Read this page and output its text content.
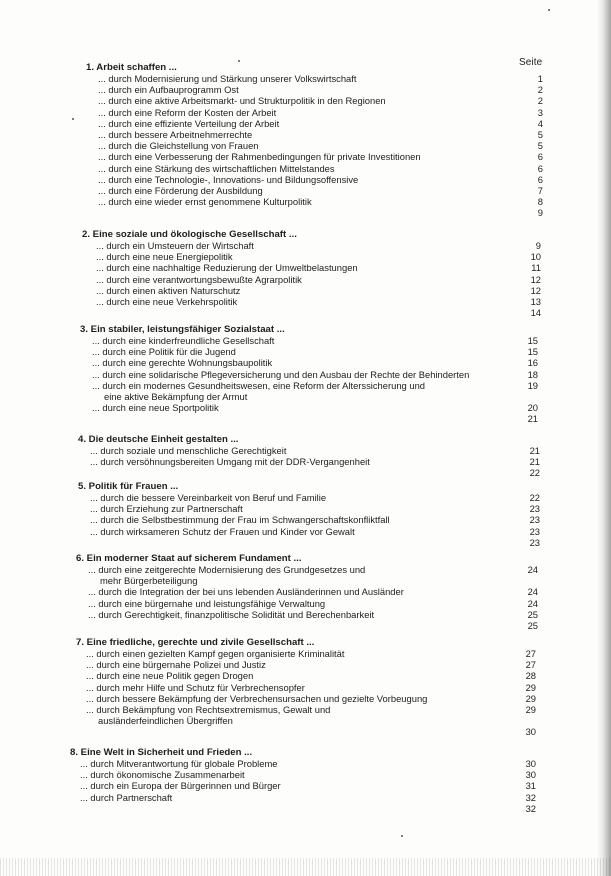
Seite
1. Arbeit schaffen ...
... durch Modernisierung und Stärkung unserer Volkswirtschaft	1
... durch ein Aufbauprogramm Ost	2
... durch eine aktive Arbeitsmarkt- und Strukturpolitik in den Regionen	2
... durch eine Reform der Kosten der Arbeit	3
... durch eine effiziente Verteilung der Arbeit	4
... durch bessere Arbeitnehmerrechte	5
... durch die Gleichstellung von Frauen	5
... durch eine Verbesserung der Rahmenbedingungen für private Investitionen	6
... durch eine Stärkung des wirtschaftlichen Mittelstandes	6
... durch eine Technologie-, Innovations- und Bildungsoffensive	6
... durch eine Förderung der Ausbildung	7
... durch eine wieder ernst genommene Kulturpolitik	8
9
2. Eine soziale und ökologische Gesellschaft ...
... durch ein Umsteuern der Wirtschaft	9
... durch eine neue Energiepolitik	10
... durch eine nachhaltige Reduzierung der Umweltbelastungen	11
... durch eine verantwortungsbewußte Agrarpolitik	12
... durch einen aktiven Naturschutz	12
... durch eine neue Verkehrspolitik	13
14
3. Ein stabiler, leistungsfähiger Sozialstaat ...
... durch eine kinderfreundliche Gesellschaft	15
... durch eine Politik für die Jugend	15
... durch eine gerechte Wohnungsbaupolitik	16
... durch eine solidarische Pflegeversicherung und den Ausbau der Rechte der Behinderten	18
... durch ein modernes Gesundheitswesen, eine Reform der Alterssicherung und	19
eine aktive Bekämpfung der Armut
... durch eine neue Sportpolitik	20
21
4. Die deutsche Einheit gestalten ...
... durch soziale und menschliche Gerechtigkeit	21
... durch versöhnungsbereiten Umgang mit der DDR-Vergangenheit	21
22
5. Politik für Frauen ...
... durch die bessere Vereinbarkeit von Beruf und Familie	22
... durch Erziehung zur Partnerschaft	23
... durch die Selbstbestimmung der Frau im Schwangerschaftskonfliktfall	23
... durch wirksameren Schutz der Frauen und Kinder vor Gewalt	23
23
6. Ein moderner Staat auf sicherem Fundament ...
... durch eine zeitgerechte Modernisierung des Grundgesetzes und	24
mehr Bürgerbeteiligung
... durch die Integration der bei uns lebenden Ausländerinnen und Ausländer	24
... durch eine bürgernahe und leistungsfähige Verwaltung	24
... durch Gerechtigkeit, finanzpolitische Solidität und Berechenbarkeit	25
25
7. Eine friedliche, gerechte und zivile Gesellschaft ...
... durch einen gezielten Kampf gegen organisierte Kriminalität	27
... durch eine bürgernahe Polizei und Justiz	27
... durch eine neue Politik gegen Drogen	28
... durch mehr Hilfe und Schutz für Verbrechensopfer	29
... durch bessere Bekämpfung der Verbrechensursachen und gezielte Vorbeugung	29
... durch Bekämpfung von Rechtsextremismus, Gewalt und	29
ausländerfeindlichen Übergriffen
30
8. Eine Welt in Sicherheit und Frieden ...
... durch Mitverantwortung für globale Probleme	30
... durch ökonomische Zusammenarbeit	30
... durch ein Europa der Bürgerinnen und Bürger	31
... durch Partnerschaft	32
32
